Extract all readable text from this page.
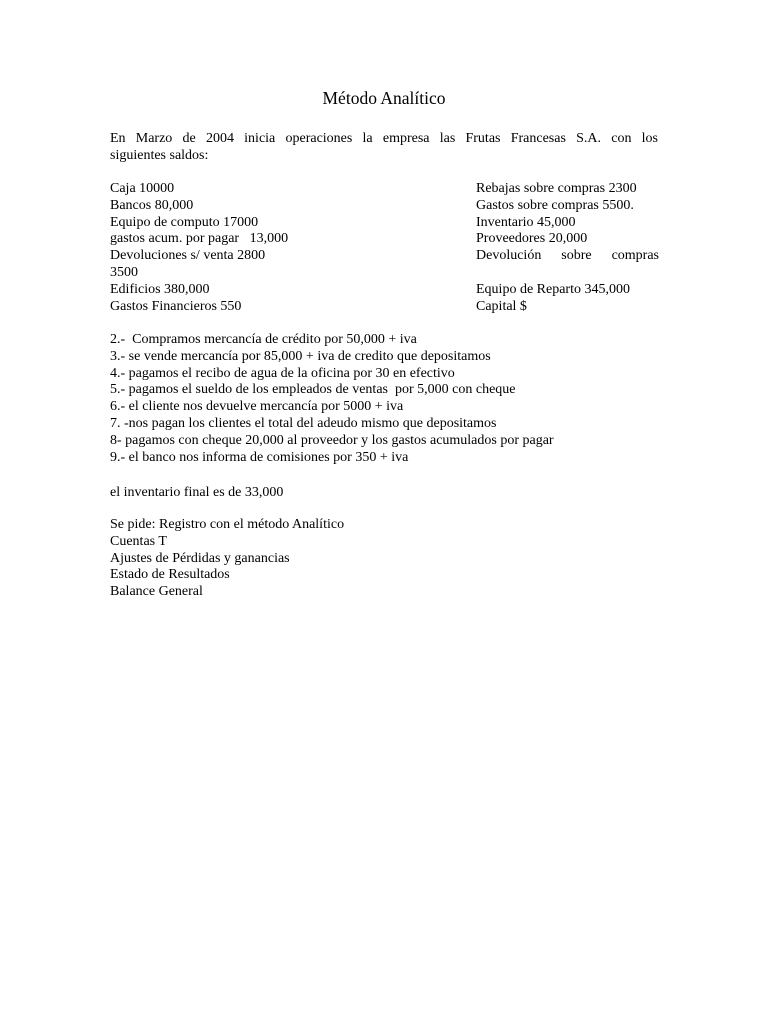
Método Analítico
En Marzo de 2004 inicia operaciones la empresa las Frutas Francesas S.A. con los
siguientes saldos:
Caja 10000
Bancos 80,000
Equipo de computo 17000
gastos acum. por pagar   13,000
Devoluciones s/ venta 2800
3500
Edificios 380,000
Gastos Financieros 550
Rebajas sobre compras 2300
Gastos sobre compras 5500.
Inventario 45,000
Proveedores 20,000
Devolución sobre compras

Equipo de Reparto 345,000
Capital $
2.-  Compramos mercancía de crédito por 50,000 + iva
3.- se vende mercancía por 85,000 + iva de credito que depositamos
4.- pagamos el recibo de agua de la oficina por 30 en efectivo
5.- pagamos el sueldo de los empleados de ventas  por 5,000 con cheque
6.- el cliente nos devuelve mercancía por 5000 + iva
7. -nos pagan los clientes el total del adeudo mismo que depositamos
8- pagamos con cheque 20,000 al proveedor y los gastos acumulados por pagar
9.- el banco nos informa de comisiones por 350 + iva
el inventario final es de 33,000
Se pide: Registro con el método Analítico
Cuentas T
Ajustes de Pérdidas y ganancias
Estado de Resultados
Balance General
